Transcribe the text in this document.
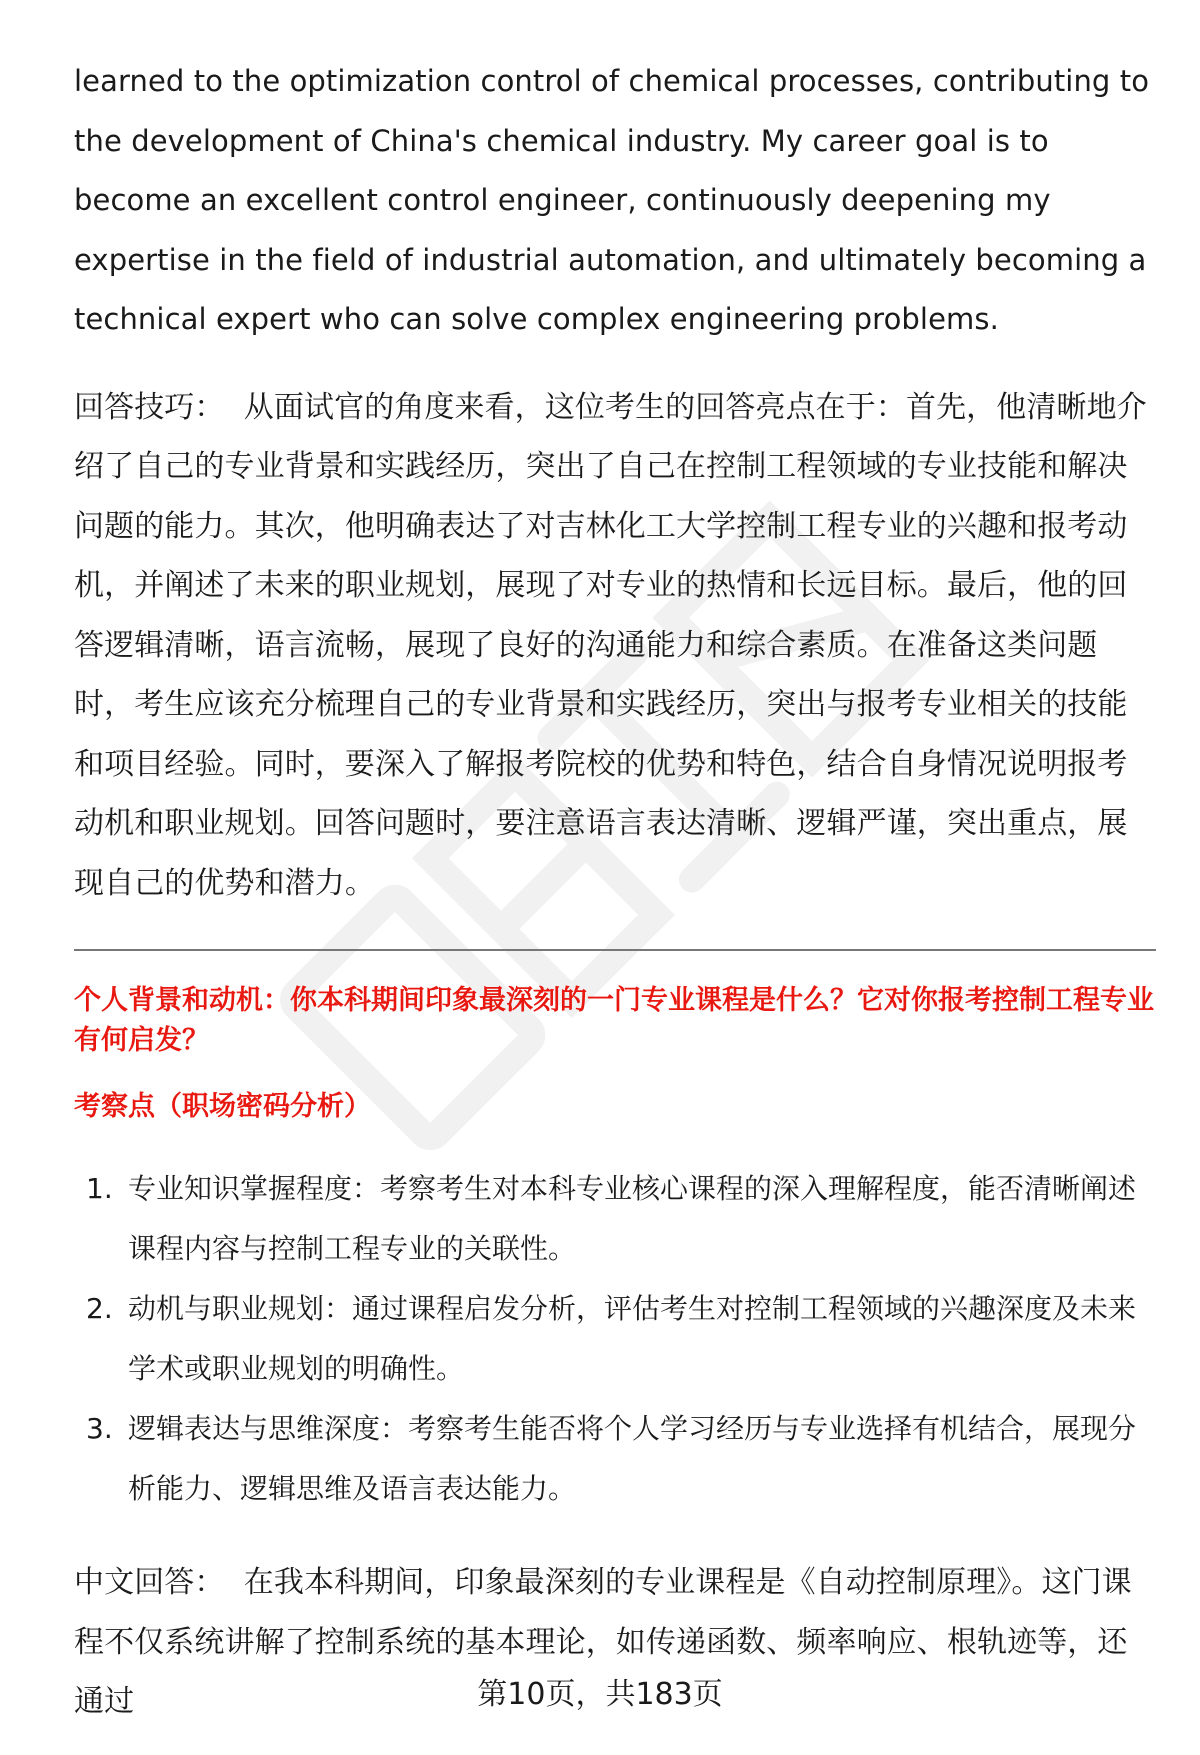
learned to the optimization control of chemical processes, contributing to the development of China's chemical industry. My career goal is to become an excellent control engineer, continuously deepening my expertise in the field of industrial automation, and ultimately becoming a technical expert who can solve complex engineering problems.

回答技巧： 从面试官的角度来看，这位考生的回答亮点在于：首先，他清晰地介绍了自己的专业背景和实践经历，突出了自己在控制工程领域的专业技能和解决问题的能力。其次，他明确表达了对吉林化工大学控制工程专业的兴趣和报考动机，并阐述了未来的职业规划，展现了对专业的热情和长远目标。最后，他的回答逻辑清晰，语言流畅，展现了良好的沟通能力和综合素质。在准备这类问题时，考生应该充分梳理自己的专业背景和实践经历，突出与报考专业相关的技能和项目经验。同时，要深入了解报考院校的优势和特色，结合自身情况说明报考动机和职业规划。回答问题时，要注意语言表达清晰、逻辑严谨，突出重点，展现自己的优势和潜力。

个人背景和动机：你本科期间印象最深刻的一门专业课程是什么？它对你报考控制工程专业有何启发？

考察点（职场密码分析）

1. 专业知识掌握程度：考察考生对本科专业核心课程的深入理解程度，能否清晰阐述课程内容与控制工程专业的关联性。
2. 动机与职业规划：通过课程启发分析，评估考生对控制工程领域的兴趣深度及未来学术或职业规划的明确性。
3. 逻辑表达与思维深度：考察考生能否将个人学习经历与专业选择有机结合，展现分析能力、逻辑思维及语言表达能力。

中文回答： 在我本科期间，印象最深刻的专业课程是《自动控制原理》。这门课程不仅系统讲解了控制系统的基本理论，如传递函数、频率响应、根轨迹等，还通过	第10页，共183页
